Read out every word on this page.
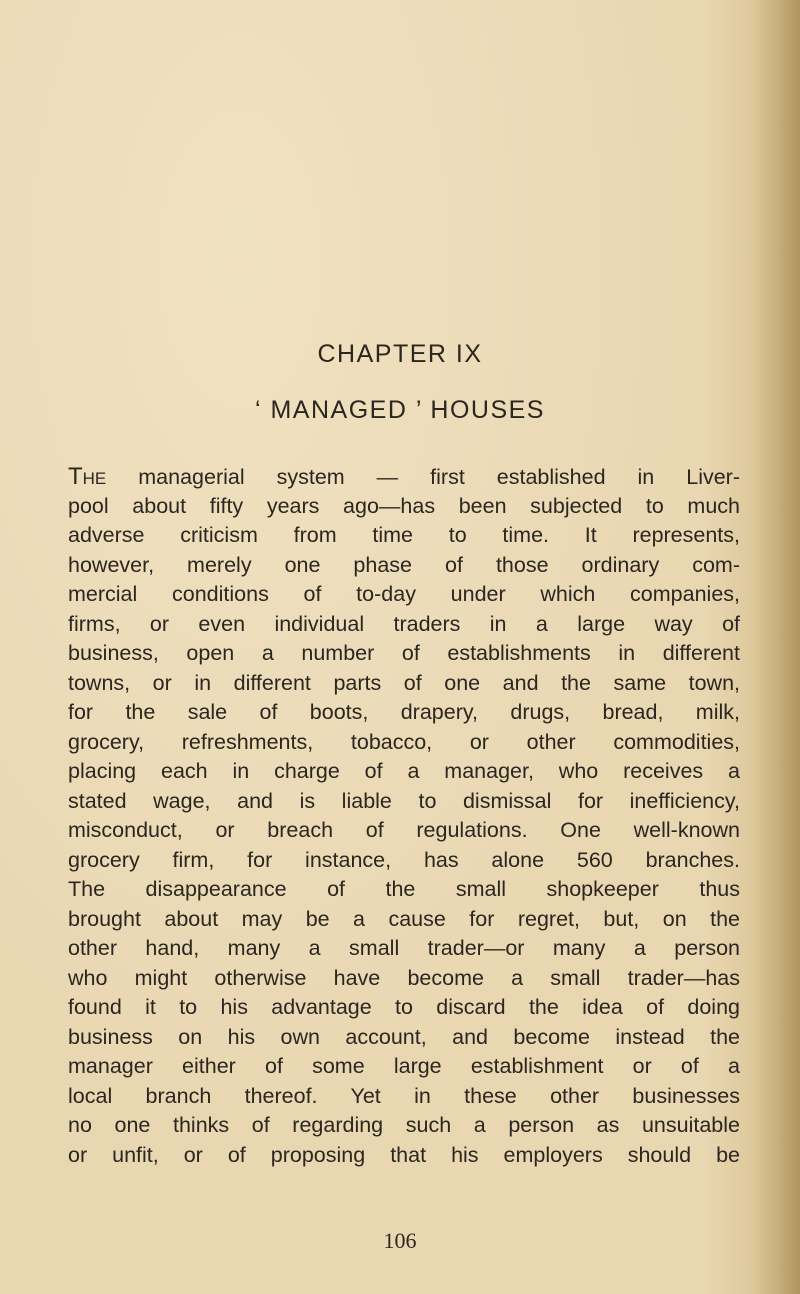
CHAPTER IX
‘ MANAGED ’ HOUSES
The managerial system — first established in Liver-
pool about fifty years ago—has been subjected to much
adverse criticism from time to time. It represents,
however, merely one phase of those ordinary com-
mercial conditions of to-day under which companies,
firms, or even individual traders in a large way of
business, open a number of establishments in different
towns, or in different parts of one and the same town,
for the sale of boots, drapery, drugs, bread, milk,
grocery, refreshments, tobacco, or other commodities,
placing each in charge of a manager, who receives a
stated wage, and is liable to dismissal for inefficiency,
misconduct, or breach of regulations. One well-known
grocery firm, for instance, has alone 560 branches.
The disappearance of the small shopkeeper thus
brought about may be a cause for regret, but, on the
other hand, many a small trader—or many a person
who might otherwise have become a small trader—has
found it to his advantage to discard the idea of doing
business on his own account, and become instead the
manager either of some large establishment or of a
local branch thereof. Yet in these other businesses
no one thinks of regarding such a person as unsuitable
or unfit, or of proposing that his employers should be
106
